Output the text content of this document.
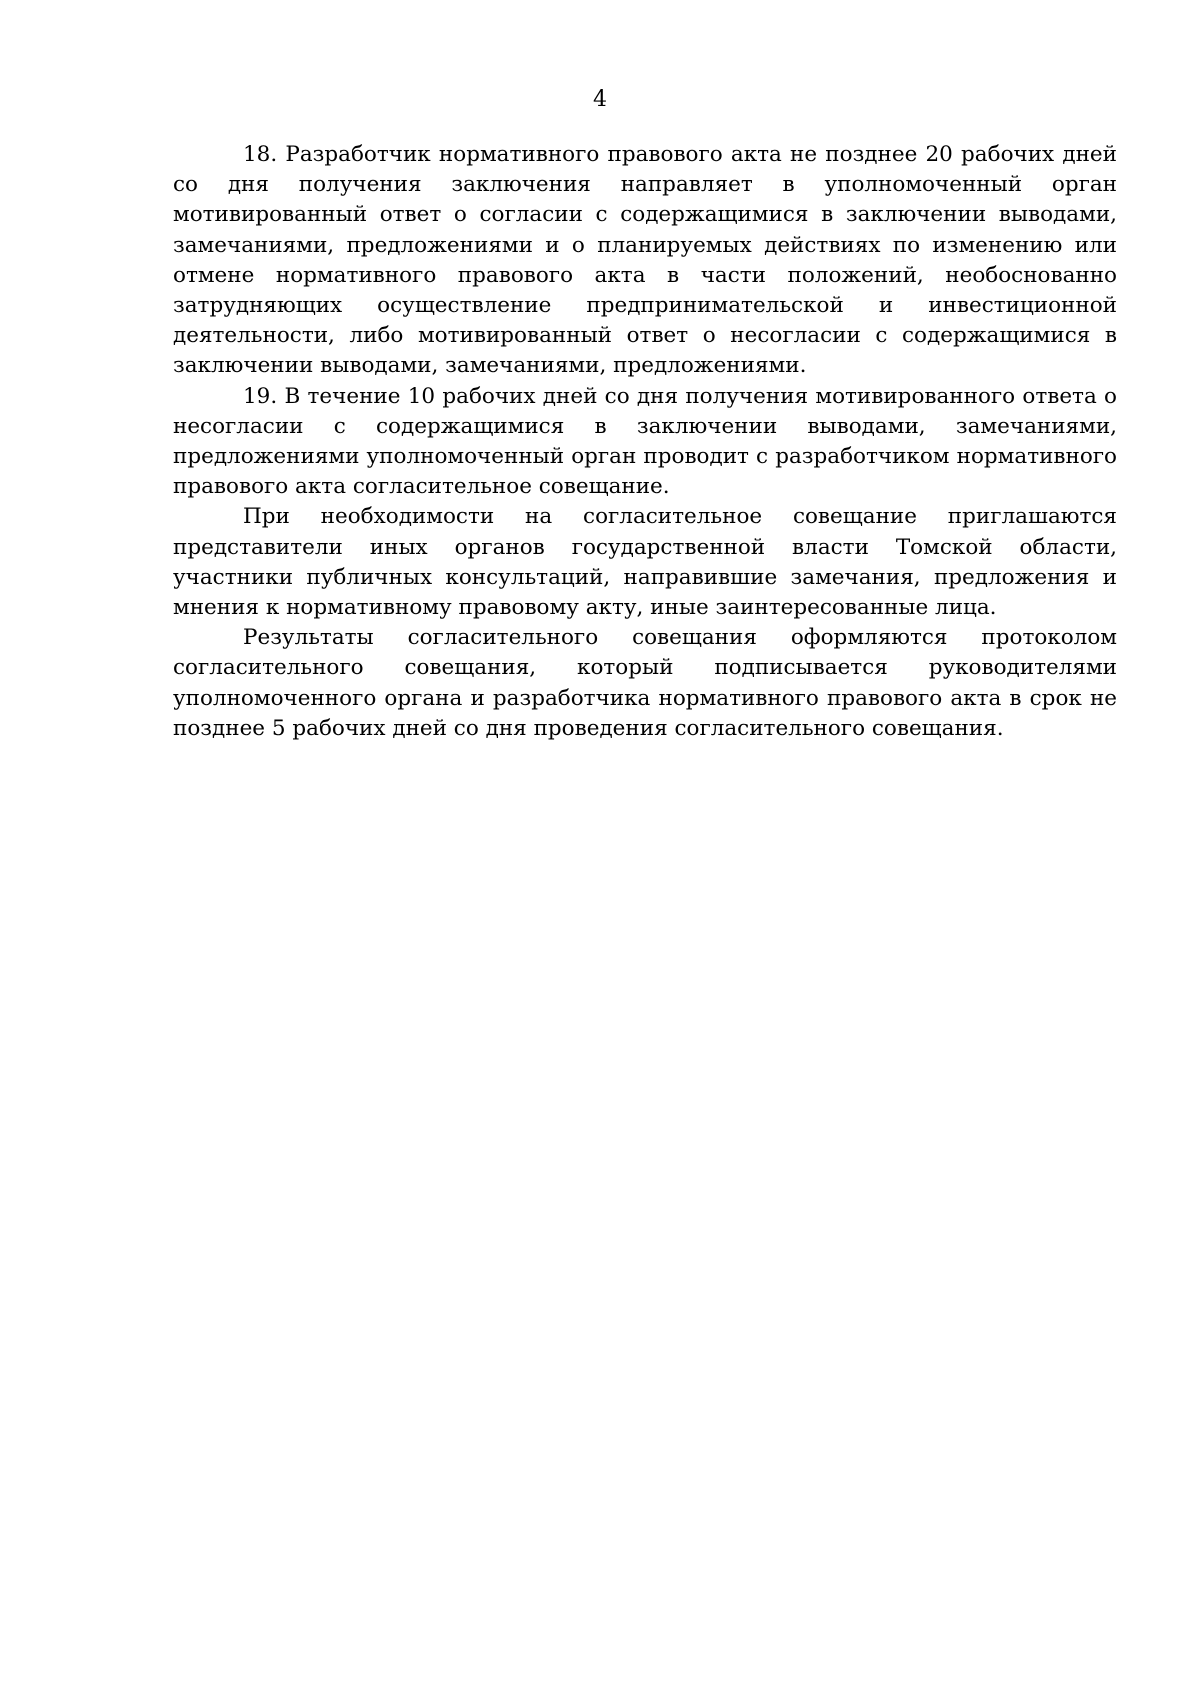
4

18. Разработчик нормативного правового акта не позднее 20 рабочих дней со дня получения заключения направляет в уполномоченный орган мотивированный ответ о согласии с содержащимися в заключении выводами, замечаниями, предложениями и о планируемых действиях по изменению или отмене нормативного правового акта в части положений, необоснованно затрудняющих осуществление предпринимательской и инвестиционной деятельности, либо мотивированный ответ о несогласии с содержащимися в заключении выводами, замечаниями, предложениями.

19. В течение 10 рабочих дней со дня получения мотивированного ответа о несогласии с содержащимися в заключении выводами, замечаниями, предложениями уполномоченный орган проводит с разработчиком нормативного правового акта согласительное совещание.

При необходимости на согласительное совещание приглашаются представители иных органов государственной власти Томской области, участники публичных консультаций, направившие замечания, предложения и мнения к нормативному правовому акту, иные заинтересованные лица.

Результаты согласительного совещания оформляются протоколом согласительного совещания, который подписывается руководителями уполномоченного органа и разработчика нормативного правового акта в срок не позднее 5 рабочих дней со дня проведения согласительного совещания.
